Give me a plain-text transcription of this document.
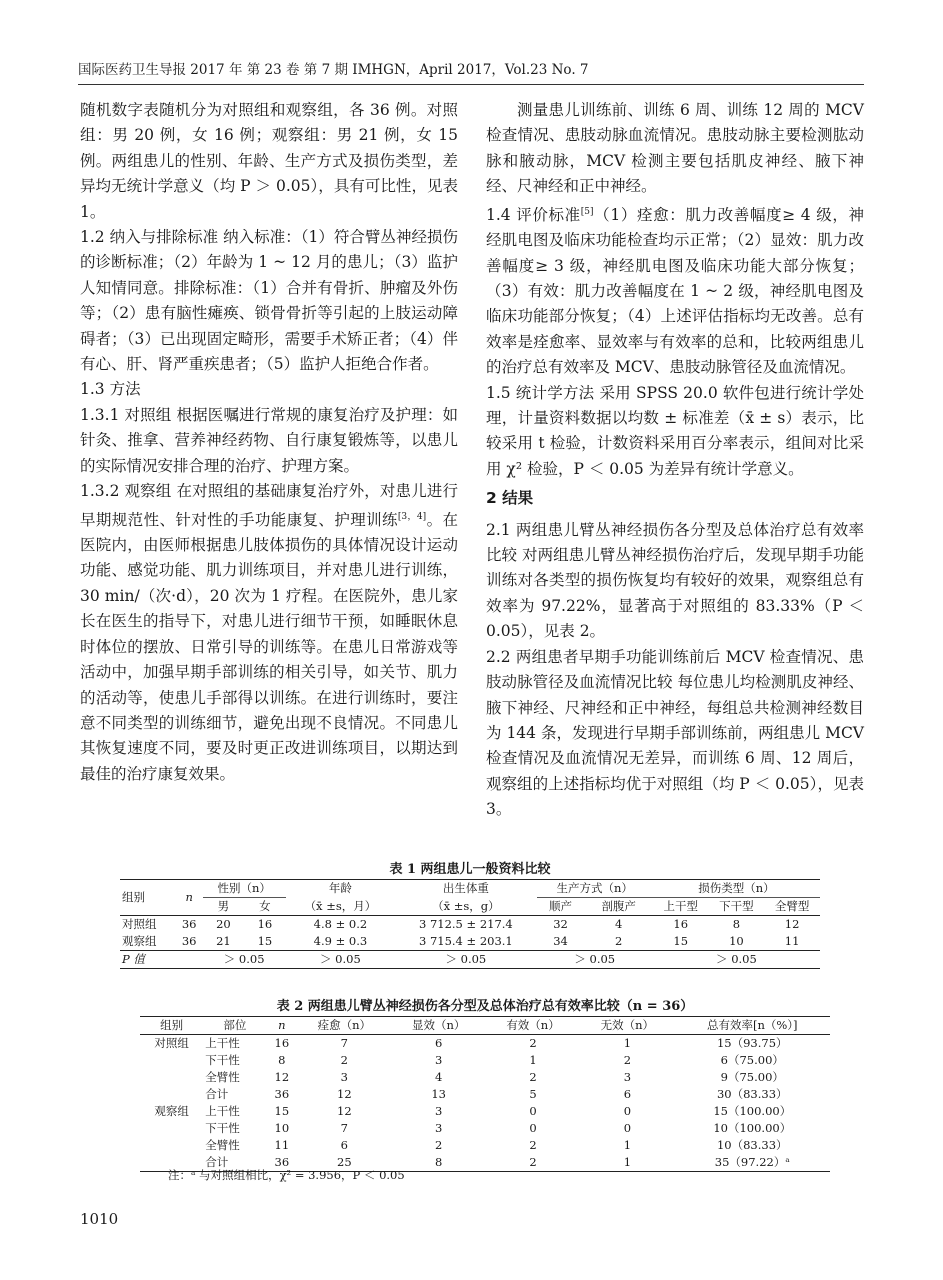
国际医药卫生导报 2017 年 第 23 卷 第 7 期 IMHGN，April 2017，Vol.23 No. 7

随机数字表随机分为对照组和观察组，各 36 例。对照组：男 20 例，女 16 例；观察组：男 21 例，女 15 例。两组患儿的性别、年龄、生产方式及损伤类型，差异均无统计学意义（均 P ＞ 0.05），具有可比性，见表 1。

1.2 纳入与排除标准 纳入标准：（1）符合臂丛神经损伤的诊断标准；（2）年龄为 1 ~ 12 月的患儿；（3）监护人知情同意。排除标准：（1）合并有骨折、肿瘤及外伤等；（2）患有脑性瘫痪、锁骨骨折等引起的上肢运动障碍者；（3）已出现固定畸形，需要手术矫正者；（4）伴有心、肝、肾严重疾患者；（5）监护人拒绝合作者。

1.3 方法

1.3.1 对照组 根据医嘱进行常规的康复治疗及护理：如针灸、推拿、营养神经药物、自行康复锻炼等，以患儿的实际情况安排合理的治疗、护理方案。

1.3.2 观察组 在对照组的基础康复治疗外，对患儿进行早期规范性、针对性的手功能康复、护理训练[3，4]。在医院内，由医师根据患儿肢体损伤的具体情况设计运动功能、感觉功能、肌力训练项目，并对患儿进行训练，30 min/（次·d），20 次为 1 疗程。在医院外，患儿家长在医生的指导下，对患儿进行细节干预，如睡眠休息时体位的摆放、日常引导的训练等。在患儿日常游戏等活动中，加强早期手部训练的相关引导，如关节、肌力的活动等，使患儿手部得以训练。在进行训练时，要注意不同类型的训练细节，避免出现不良情况。不同患儿其恢复速度不同，要及时更正改进训练项目，以期达到最佳的治疗康复效果。

测量患儿训练前、训练 6 周、训练 12 周的 MCV 检查情况、患肢动脉血流情况。患肢动脉主要检测肱动脉和腋动脉，MCV 检测主要包括肌皮神经、腋下神经、尺神经和正中神经。

1.4 评价标准[5]（1）痊愈：肌力改善幅度≥ 4 级，神经肌电图及临床功能检查均示正常；（2）显效：肌力改善幅度≥ 3 级，神经肌电图及临床功能大部分恢复；（3）有效：肌力改善幅度在 1 ~ 2 级，神经肌电图及临床功能部分恢复；（4）上述评估指标均无改善。总有效率是痊愈率、显效率与有效率的总和，比较两组患儿的治疗总有效率及 MCV、患肢动脉管径及血流情况。

1.5 统计学方法 采用 SPSS 20.0 软件包进行统计学处理，计量资料数据以均数 ± 标准差（x̄ ± s）表示，比较采用 t 检验，计数资料采用百分率表示，组间对比采用 χ² 检验，P ＜ 0.05 为差异有统计学意义。

2 结果

2.1 两组患儿臂丛神经损伤各分型及总体治疗总有效率比较 对两组患儿臂丛神经损伤治疗后，发现早期手功能训练对各类型的损伤恢复均有较好的效果，观察组总有效率为 97.22%，显著高于对照组的 83.33%（P ＜ 0.05），见表 2。

2.2 两组患者早期手功能训练前后 MCV 检查情况、患肢动脉管径及血流情况比较 每位患儿均检测肌皮神经、腋下神经、尺神经和正中神经，每组总共检测神经数目为 144 条，发现进行早期手部训练前，两组患儿 MCV 检查情况及血流情况无差异，而训练 6 周、12 周后，观察组的上述指标均优于对照组（均 P ＜ 0.05），见表 3。

表 1 两组患儿一般资料比较
组别	n	性别（n）		年龄	出生体重	生产方式（n）		损伤类型（n）		
		男	女	（x̄ ±s，月）	（x̄ ±s，g）	顺产	剖腹产	上干型	下干型	全臂型
对照组	36	20	16	4.8 ± 0.2	3 712.5 ± 217.4	32	4	16	8	12
观察组	36	21	15	4.9 ± 0.3	3 715.4 ± 203.1	34	2	15	10	11
P 值		＞ 0.05		＞ 0.05	＞ 0.05	＞ 0.05		＞ 0.05		
表 2 两组患儿臂丛神经损伤各分型及总体治疗总有效率比较（n = 36）
组别	部位	n	痊愈（n）	显效（n）	有效（n）	无效（n）	总有效率[n（%）]
对照组	上干性	16	7	6	2	1	15（93.75）
	下干性	8	2	3	1	2	6（75.00）
	全臂性	12	3	4	2	3	9（75.00）
	合计	36	12	13	5	6	30（83.33）
观察组	上干性	15	12	3	0	0	15（100.00）
	下干性	10	7	3	0	0	10（100.00）
	全臂性	11	6	2	2	1	10（83.33）
	合计	36	25	8	2	1	35（97.22）ᵃ
注：ᵃ 与对照组相比，χ² = 3.956，P ＜ 0.05
1010
